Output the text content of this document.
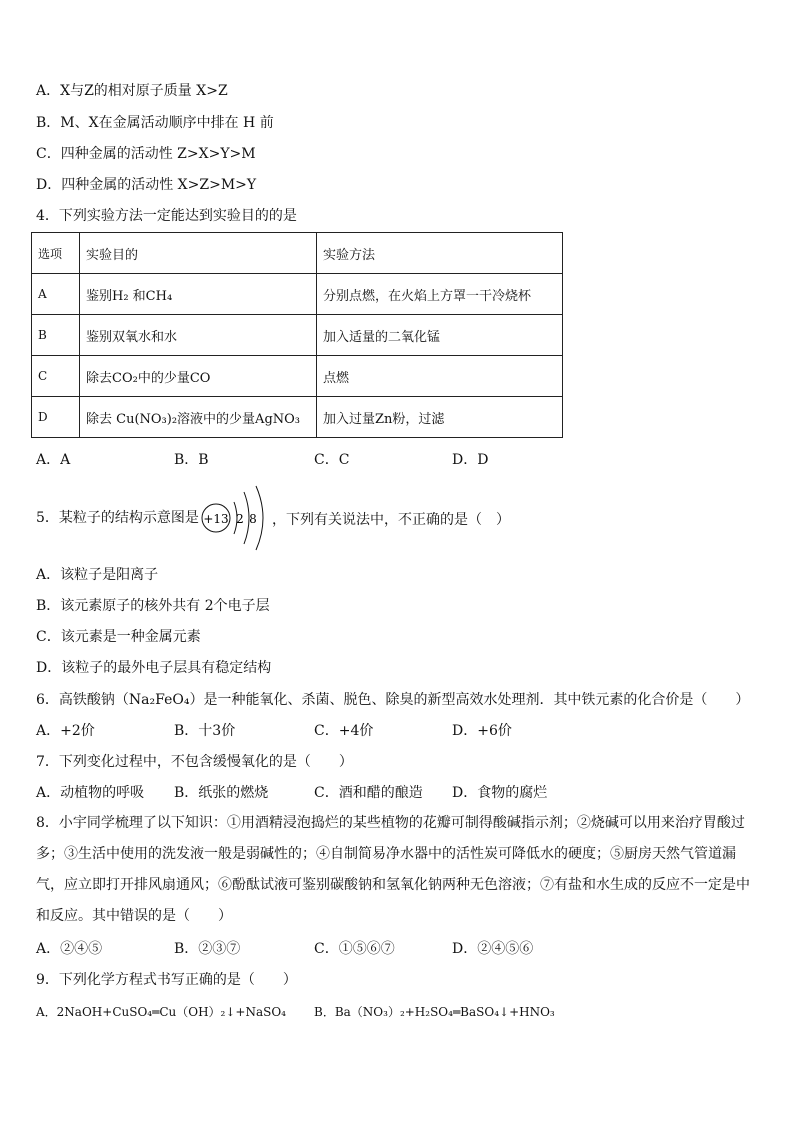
A．X与Z的相对原子质量 X>Z
B．M、X在金属活动顺序中排在 H 前
C．四种金属的活动性 Z>X>Y>M
D．四种金属的活动性 X>Z>M>Y
4．下列实验方法一定能达到实验目的的是
选项	实验目的	实验方法
A	鉴别H₂ 和CH₄	分别点燃，在火焰上方罩一干冷烧杯
B	鉴别双氧水和水	加入适量的二氧化锰
C	除去CO₂中的少量CO	点燃
D	除去 Cu(NO₃)₂溶液中的少量AgNO₃	加入过量Zn粉，过滤
A．A	B．B	C．C	D．D
5．某粒子的结构示意图是 +13 2 8 ，下列有关说法中，不正确的是（　）
A．该粒子是阳离子
B．该元素原子的核外共有 2个电子层
C．该元素是一种金属元素
D．该粒子的最外电子层具有稳定结构
6．高铁酸钠（Na₂FeO₄）是一种能氧化、杀菌、脱色、除臭的新型高效水处理剂．其中铁元素的化合价是（　　）
A．+2价	B．十3价	C．+4价	D．+6价
7．下列变化过程中，不包含缓慢氧化的是（　　）
A．动植物的呼吸 B．纸张的燃烧	C．酒和醋的酿造 D．食物的腐烂
8．小宇同学梳理了以下知识：①用酒精浸泡捣烂的某些植物的花瓣可制得酸碱指示剂；②烧碱可以用来治疗胃酸过多；③生活中使用的洗发液一般是弱碱性的；④自制简易净水器中的活性炭可降低水的硬度；⑤厨房天然气管道漏气，应立即打开排风扇通风；⑥酚酞试液可鉴别碳酸钠和氢氧化钠两种无色溶液；⑦有盐和水生成的反应不一定是中和反应。其中错误的是（　　）
A．②④⑤	B．②③⑦	C．①⑤⑥⑦	D．②④⑤⑥
9．下列化学方程式书写正确的是（　　）
A．2NaOH+CuSO₄═Cu（OH）₂↓+NaSO₄ B．Ba（NO₃）₂+H₂SO₄═BaSO₄↓+HNO₃
